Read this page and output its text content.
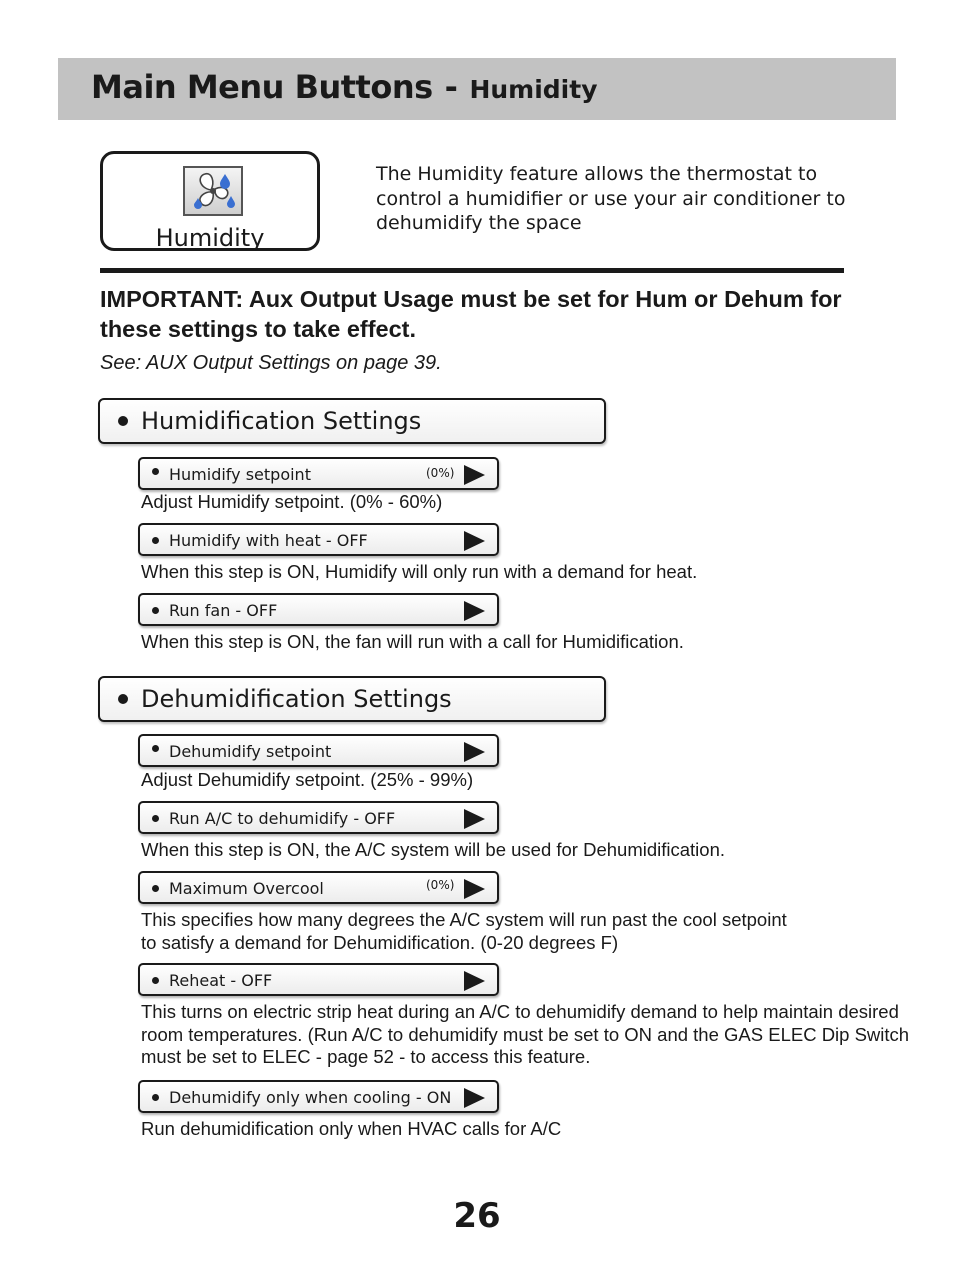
Main Menu Buttons - Humidity
Humidity
The Humidity feature allows the thermostat to control a humidifier or use your air conditioner to dehumidify the space
IMPORTANT: Aux Output Usage must be set for Hum or Dehum for these settings to take effect.
See: AUX Output Settings on page 39.
Humidification Settings
Humidify setpoint	(0%)
Adjust Humidify setpoint. (0% - 60%)
Humidify with heat - OFF
When this step is ON, Humidify will only run with a demand for heat.
Run fan - OFF
When this step is ON, the fan will run with a call for Humidification.
Dehumidification Settings
Dehumidify setpoint
Adjust Dehumidify setpoint. (25% - 99%)
Run A/C to dehumidify - OFF
When this step is ON, the A/C system will be used for Dehumidification.
Maximum Overcool	(0%)
This specifies how many degrees the A/C system will run past the cool setpoint to satisfy a demand for Dehumidification. (0-20 degrees F)
Reheat - OFF
This turns on electric strip heat during an A/C to dehumidify demand to help maintain desired room temperatures. (Run A/C to dehumidify must be set to ON and the GAS ELEC Dip Switch must be set to ELEC - page 52 - to access this feature.
Dehumidify only when cooling - ON
Run dehumidification only when HVAC calls for A/C
26
